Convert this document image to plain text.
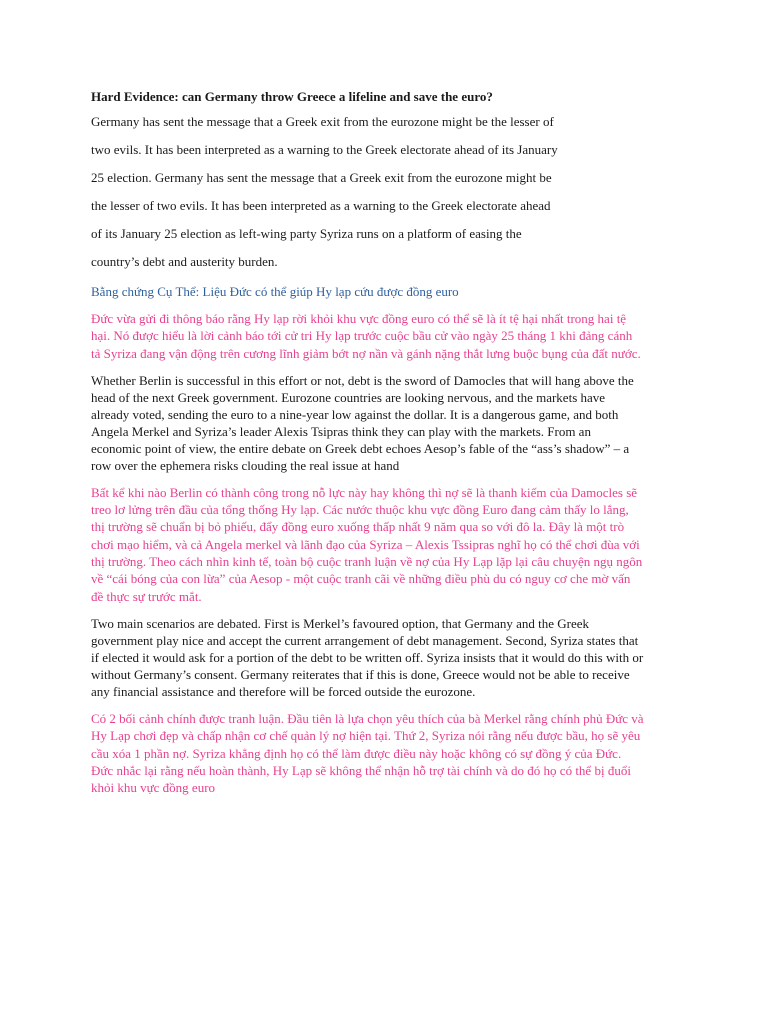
Hard Evidence: can Germany throw Greece a lifeline and save the euro?
Germany has sent the message that a Greek exit from the eurozone might be the lesser of
two evils. It has been interpreted as a warning to the Greek electorate ahead of its January
25 election. Germany has sent the message that a Greek exit from the eurozone might be
the lesser of two evils. It has been interpreted as a warning to the Greek electorate ahead
of its January 25 election as left-wing party Syriza runs on a platform of easing the
country’s debt and austerity burden.
Bằng chứng Cụ Thể: Liệu Đức có thể giúp Hy lạp cứu được đồng euro
Đức vừa gửi đi thông báo rằng Hy lạp rời khỏi khu vực đồng euro có thể sẽ là ít tệ hại nhất trong hai tệ
hại. Nó được hiểu là lời cảnh báo tới cử tri Hy lạp trước cuộc bầu cử vào ngày 25 tháng 1 khi đảng cánh
tả Syriza đang vận động trên cương lĩnh giảm bớt nợ nần và gánh nặng thắt lưng buộc bụng của đất nước.
Whether Berlin is successful in this effort or not, debt is the sword of Damocles that will hang above the
head of the next Greek government. Eurozone countries are looking nervous, and the markets have
already voted, sending the euro to a nine-year low against the dollar. It is a dangerous game, and both
Angela Merkel and Syriza’s leader Alexis Tsipras think they can play with the markets. From an
economic point of view, the entire debate on Greek debt echoes Aesop’s fable of the “ass’s shadow” – a
row over the ephemera risks clouding the real issue at hand
Bất kể khi nào Berlin có thành công trong nỗ lực này hay không thì nợ sẽ là thanh kiếm của Damocles sẽ
treo lơ lửng trên đầu của tổng thống Hy lạp. Các nước thuộc khu vực đồng Euro đang cảm thấy lo lắng,
thị trường sẽ chuẩn bị bỏ phiếu, đẩy đồng euro xuống thấp nhất 9 năm qua so với đô la. Đây là một trò
chơi mạo hiểm, và cả Angela merkel và lãnh đạo của Syriza – Alexis Tssipras nghĩ họ có thể chơi đùa với
thị trường. Theo cách nhìn kinh tế, toàn bộ cuộc tranh luận về nợ của Hy Lạp lặp lại câu chuyện ngụ ngôn
về “cái bóng của con lừa” của Aesop - một cuộc tranh cãi về những điều phù du có nguy cơ che mờ vấn
đề thực sự trước mắt.
Two main scenarios are debated. First is Merkel’s favoured option, that Germany and the Greek
government play nice and accept the current arrangement of debt management. Second, Syriza states that
if elected it would ask for a portion of the debt to be written off. Syriza insists that it would do this with or
without Germany’s consent. Germany reiterates that if this is done, Greece would not be able to receive
any financial assistance and therefore will be forced outside the eurozone.
Có 2 bối cảnh chính được tranh luận. Đầu tiên là lựa chọn yêu thích của bà Merkel rằng chính phủ Đức và
Hy Lạp chơi đẹp và chấp nhận cơ chế quản lý nợ hiện tại. Thứ 2, Syriza nói rằng nếu được bầu, họ sẽ yêu
cầu xóa 1 phần nợ. Syriza khẳng định họ có thể làm được điều này hoặc không có sự đồng ý của Đức.
Đức nhắc lại rằng nếu hoàn thành, Hy Lạp sẽ không thể nhận hỗ trợ tài chính và do đó họ có thể bị đuổi
khỏi khu vực đồng euro
